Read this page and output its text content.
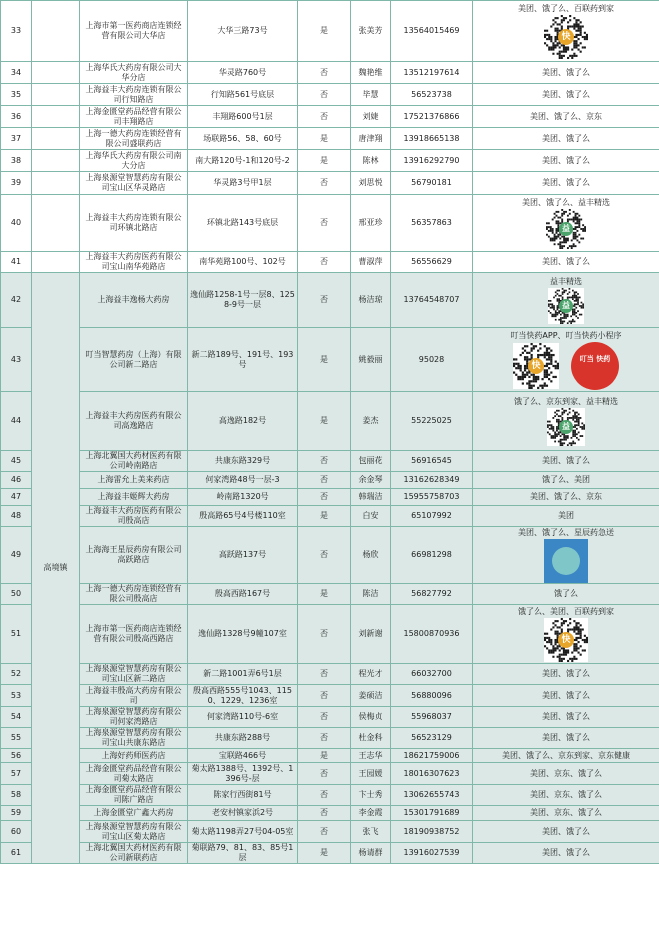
33		上海市第一医药商店连锁经营有限公司大华店	大华三路73号	是	张美芳	13564015469	美团、饿了么、百联药到家
快

34		上海华氏大药房有限公司大华分店	华灵路760号	否	魏艳维	13512197614	美团、饿了么

35		上海益丰大药房连锁有限公司行知路店	行知路561号底层	否	毕慧	56523738	美团、饿了么

36		上海金匮堂药品经营有限公司丰翔路店	丰翔路600号1层	否	刘婕	17521376866	美团、饿了么、京东

37		上海一德大药房连锁经营有限公司盛联药店	场联路56、58、60号	是	唐津翔	13918665138	美团、饿了么

38		上海华氏大药房有限公司南大分店	南大路120号-1和120号-2	是	陈林	13916292790	美团、饿了么

39		上海泉源堂智慧药房有限公司宝山区华灵路店	华灵路3号甲1层	否	刘思悦	56790181	美团、饿了么

40		上海益丰大药房连锁有限公司环镇北路店	环镇北路143号底层	否	邢亚珍	56357863	美团、饿了么、益丰精选
益

41		上海益丰大药房医药有限公司宝山南华苑路店	南华苑路100号、102号	否	曹淑萍	56556629	美团、饿了么

42	高境镇	上海益丰逸杨大药房	逸仙路1258-1号一层8、1258-9号一层	否	杨洁琼	13764548707	益丰精选
益

43		叮当智慧药房（上海）有限公司新二路店	新二路189号、191号、193号	是	姚毅丽	95028	叮当快药APP、叮当快药小程序
快
叮当 快药

44		上海益丰大药房医药有限公司高逸路店	高逸路182号	是	姜杰	55225025	饿了么、京东到家、益丰精选
益

45		上海北翼国大药材医药有限公司岭南路店	共康东路329号	否	包丽花	56916545	美团、饿了么

46		上海雷允上美来药店	何家湾路48号一层-3	否	余金琴	13162628349	饿了么、美团

47		上海益丰姬辉大药房	岭南路1320号	否	韩瑞洁	15955758703	美团、饿了么、京东

48		上海益丰大药房医药有限公司殷高店	殷高路65号4号楼110室	是	白安	65107992	美团

49		上海海王星辰药房有限公司高跃路店	高跃路137号	否	杨欣	66981298	美团、饿了么、星辰药急送

50		上海一德大药房连锁经营有限公司殷高店	殷高西路167号	是	陈洁	56827792	饿了么

51		上海市第一医药商店连锁经营有限公司殷高西路店	逸仙路1328号9幢107室	否	刘新谢	15800870936	饿了么、美团、百联药到家
快

52		上海泉源堂智慧药房有限公司宝山区新二路店	新二路1001弄6号1层	否	程光才	66032700	美团、饿了么

53		上海益丰殷高大药房有限公司	殷高西路555号1043、1150、1229、1236室	否	姜硕洁	56880096	美团、饿了么

54		上海泉源堂智慧药房有限公司何家湾路店	何家湾路110号-6室	否	侯梅贞	55968037	美团、饿了么

55		上海泉源堂智慧药房有限公司宝山共康东路店	共康东路288号	否	杜金科	56523129	美团、饿了么

56		上海好药师医药店	宝联路466号	是	王志华	18621759006	美团、饿了么、京东到家、京东健康

57		上海金匮堂药品经营有限公司菊太路店	菊太路1388号、1392号、1396号-层	否	王园媛	18016307623	美团、京东、饿了么

58		上海金匮堂药品经营有限公司陈广路店	陈家行西街81号	否	卞士秀	13062655743	美团、京东、饿了么

59		上海金匮堂广鑫大药房	老安村镇家浜2号	否	李金霞	15301791689	美团、京东、饿了么

60		上海泉源堂智慧药房有限公司宝山区菊太路店	菊太路1198弄27号04-05室	否	张飞	18190938752	美团、饿了么

61		上海北翼国大药材医药有限公司新联药店	菊联路79、81、83、85号1层	是	杨请群	13916027539	美团、饿了么
